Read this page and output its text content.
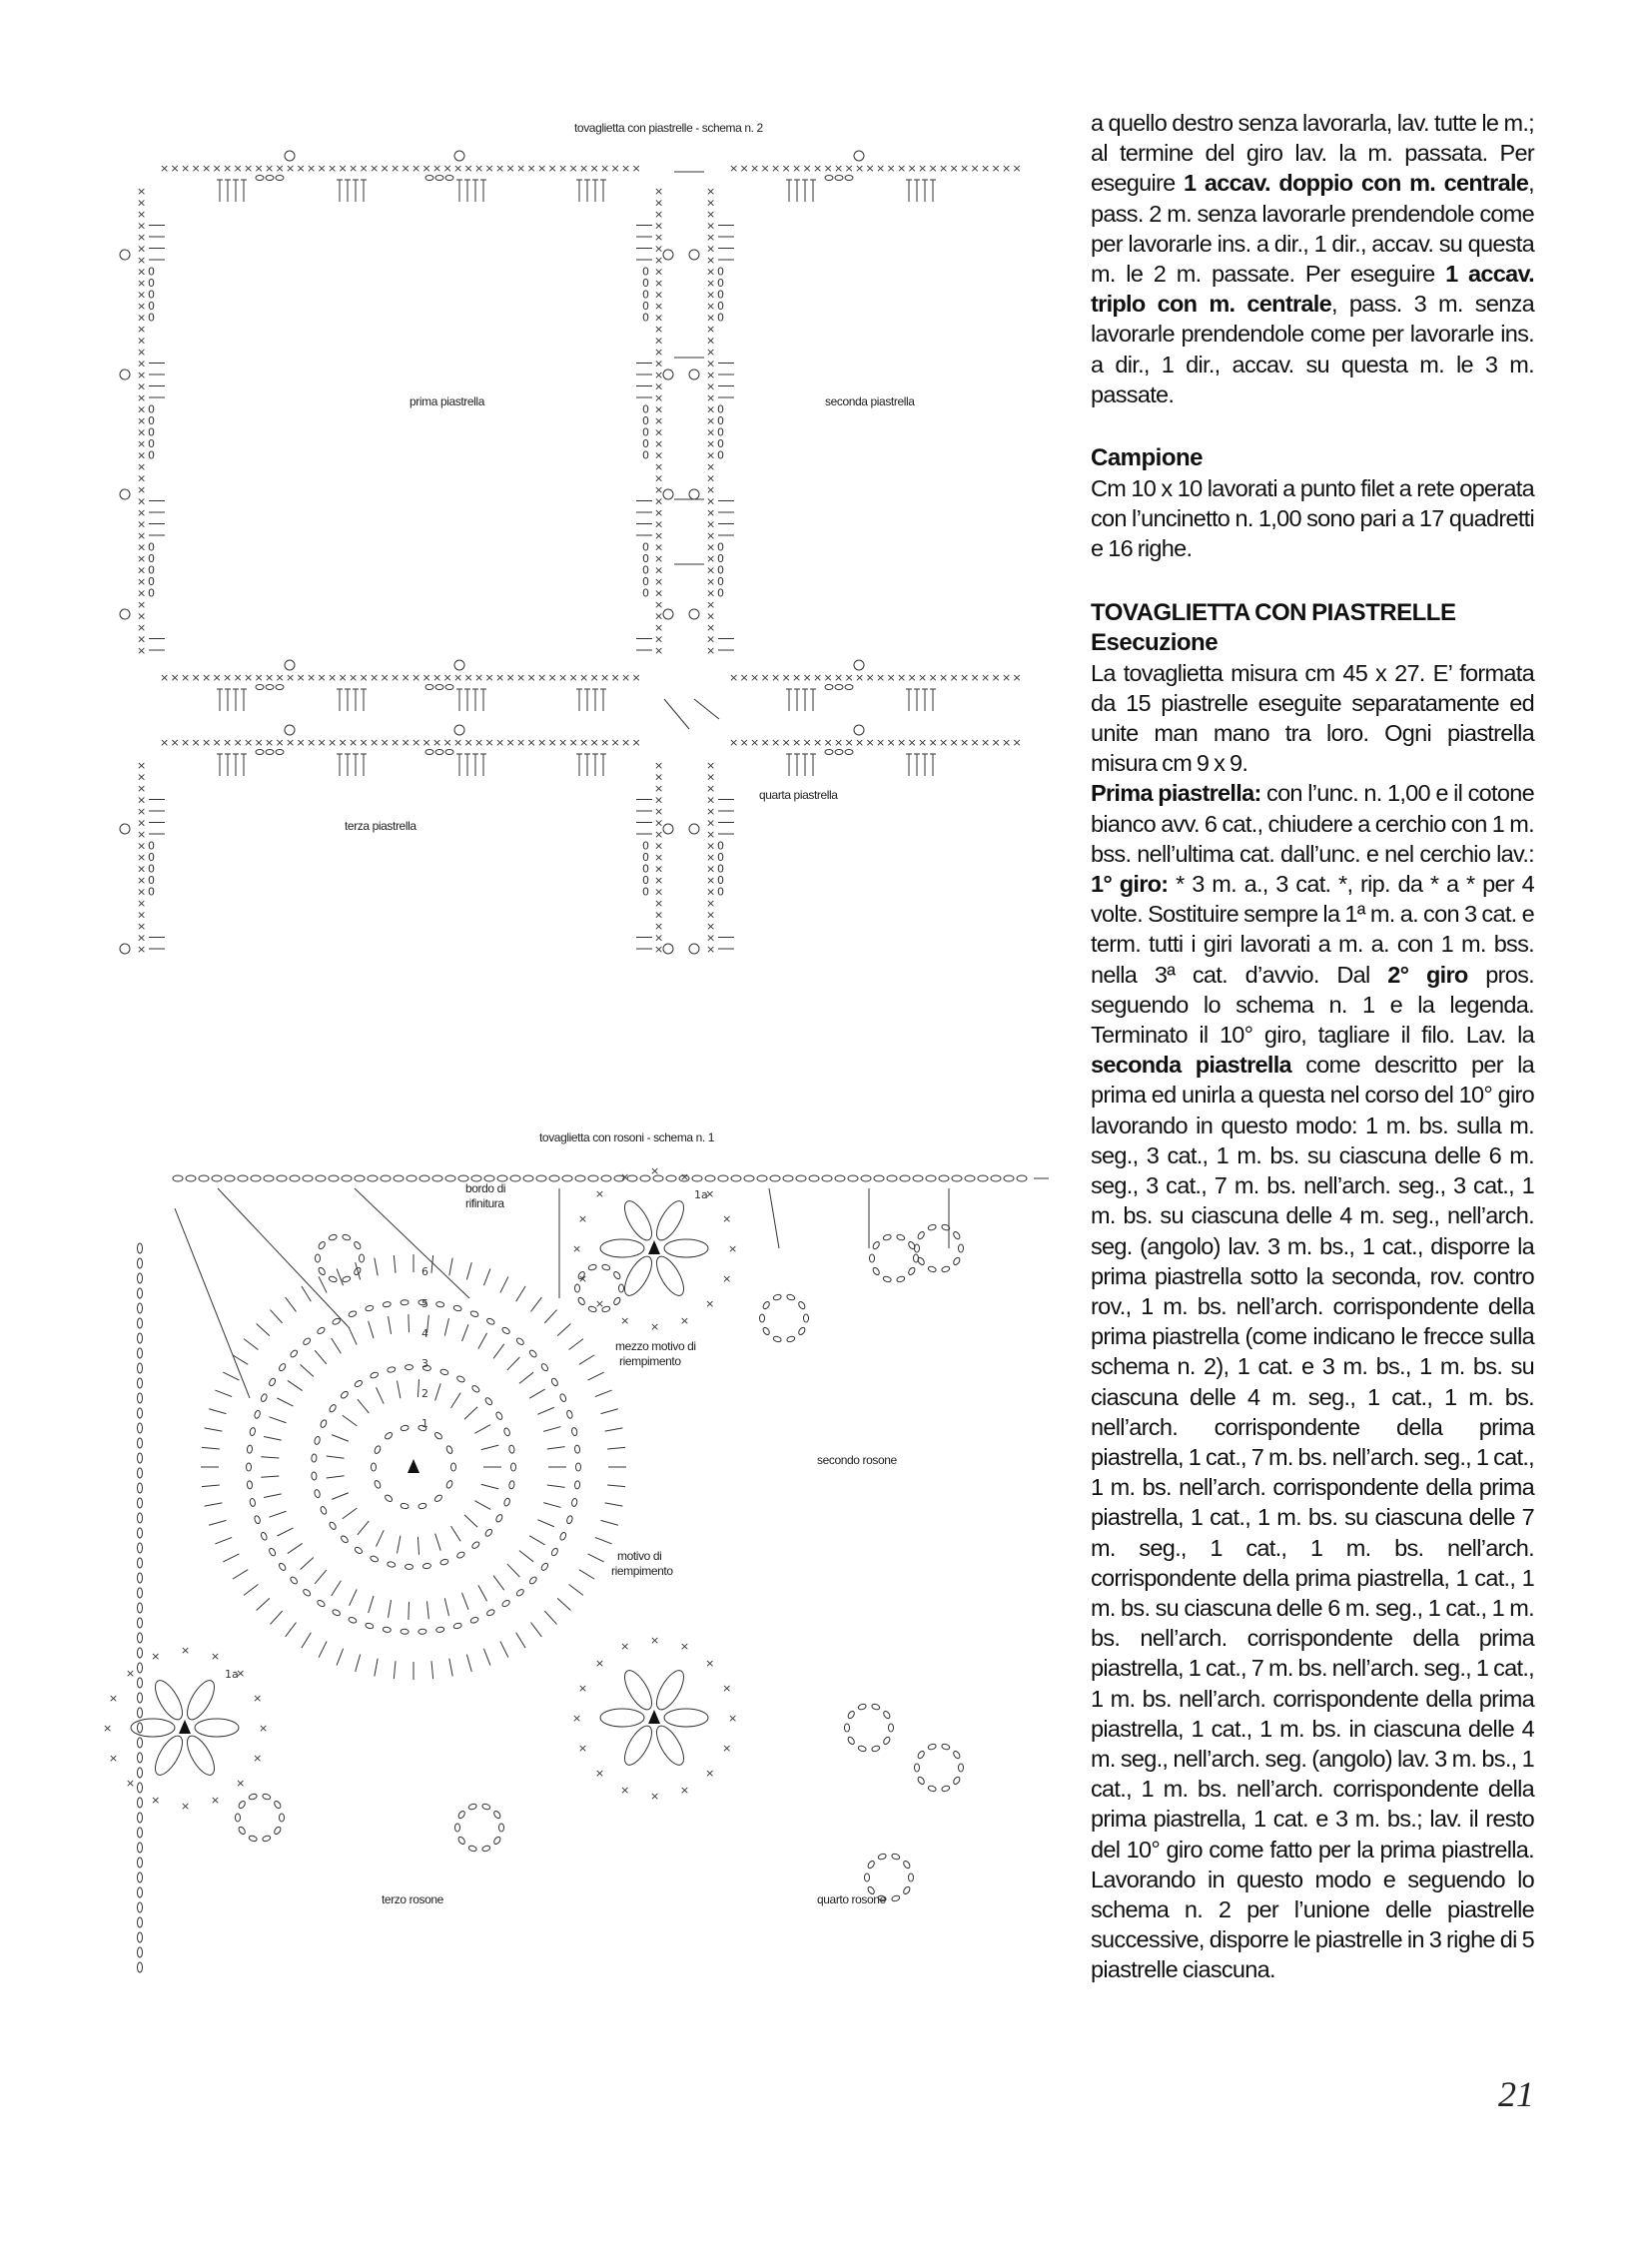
tovaglietta con piastrelle - schema n. 2
× × × × × × × × × × × × × × × × × × × × × × × × × × × × × × × × × × × × × × × × × × × × × ×	× × × × × × × × × × × × × × × × × × × × × × × × × × × ×
×
×
×
×
×
×
×
× 0
× 0
× 0
× 0
× 0
×
×
×
×
×
×
×
× 0
× 0
× 0
× 0
× 0
×
×
×
×
×
×
×
× 0
× 0
× 0
× 0
× 0
×
×
×
×
×
×
×
×
×
×
×
×
×
0
×
0
×
0
×
0
×
0
×
×
×
×
×
×
×
×
0
×
0
×
0
×
0
×
0
×
×
×
×
×
×
×
×
0
×
0
×
0
×
0
×
0
×
×
×
×
×
×
×
×
×
×
×
×
× 0
× 0
× 0
× 0
× 0
×
×
×
×
×
×
×
× 0
× 0
× 0
× 0
× 0
×
×
×
×
×
×
×
× 0
× 0
× 0
× 0
× 0
×
×
×
×
×
× × × × × × × × × × × × × × × × × × × × × × × × × × × × × × × × × × × × × × × × × × × × × ×	× × × × × × × × × × × × × × × × × × × × × × × × × × × ×
× × × × × × × × × × × × × × × × × × × × × × × × × × × × × × × × × × × × × × × × × × × × × ×	× × × × × × × × × × × × × × × × × × × × × × × × × × × ×
×
×
×
×
×
×
×
× 0
× 0
× 0
× 0
× 0
×
×
×
×
×
×
×
×
×
×
×
×
×
0
×
0
×
0
×
0
×
0
×
×
×
×
×
×
×
×
×
×
×
×
× 0
× 0
× 0
× 0
× 0
×
×
×
×
×
prima piastrella	seconda piastrella
terza piastrella
quarta piastrella
tovaglietta con rosoni - schema n. 1
1
2
3
4
5
6
×
×
×
×
×
×
×
×
×
×
×
× × ×
×
×
1a
×
×
×
×
×
×
×
×
×
×
×
× × ×
×
×
×
×
×
×
×
×
×
×
×
×
×
× × ×
×
×
1a
bordo di rifinitura
mezzo motivo di riempimento
secondo rosone
motivo di riempimento
terzo rosone	quarto rosone

a quello destro senza lavorarla, lav. tutte le m.; al termine del giro lav. la m. passata. Per eseguire 1 accav. doppio con m. centrale, pass. 2 m. senza lavorarle prendendole come per lavorarle ins. a dir., 1 dir., accav. su questa m. le 2 m. passate. Per eseguire 1 accav. triplo con m. centrale, pass. 3 m. senza lavorarle prendendole come per lavorarle ins. a dir., 1 dir., accav. su questa m. le 3 m. passate.

Campione

Cm 10 x 10 lavorati a punto filet a rete operata con l’uncinetto n. 1,00 sono pari a 17 quadretti e 16 righe.

TOVAGLIETTA CON PIASTRELLE
Esecuzione

La tovaglietta misura cm 45 x 27. E’ formata da 15 piastrelle eseguite separatamente ed unite man mano tra loro. Ogni piastrella misura cm 9 x 9.

Prima piastrella: con l’unc. n. 1,00 e il cotone bianco avv. 6 cat., chiudere a cerchio con 1 m. bss. nell’ultima cat. dall’unc. e nel cerchio lav.: 1° giro: * 3 m. a., 3 cat. *, rip. da * a * per 4 volte. Sostituire sempre la 1ª m. a. con 3 cat. e term. tutti i giri lavorati a m. a. con 1 m. bss. nella 3ª cat. d’avvio. Dal 2° giro pros. seguendo lo schema n. 1 e la legenda. Terminato il 10° giro, tagliare il filo. Lav. la seconda piastrella come descritto per la prima ed unirla a questa nel corso del 10° giro lavorando in questo modo: 1 m. bs. sulla m. seg., 3 cat., 1 m. bs. su ciascuna delle 6 m. seg., 3 cat., 7 m. bs. nell’arch. seg., 3 cat., 1 m. bs. su ciascuna delle 4 m. seg., nell’arch. seg. (angolo) lav. 3 m. bs., 1 cat., disporre la prima piastrella sotto la seconda, rov. contro rov., 1 m. bs. nell’arch. corrispondente della prima piastrella (come indicano le frecce sulla schema n. 2), 1 cat. e 3 m. bs., 1 m. bs. su ciascuna delle 4 m. seg., 1 cat., 1 m. bs. nell’arch. corrispondente della prima piastrella, 1 cat., 7 m. bs. nell’arch. seg., 1 cat., 1 m. bs. nell’arch. corrispondente della prima piastrella, 1 cat., 1 m. bs. su ciascuna delle 7 m. seg., 1 cat., 1 m. bs. nell’arch. corrispondente della prima piastrella, 1 cat., 1 m. bs. su ciascuna delle 6 m. seg., 1 cat., 1 m. bs. nell’arch. corrispondente della prima piastrella, 1 cat., 7 m. bs. nell’arch. seg., 1 cat., 1 m. bs. nell’arch. corrispondente della prima piastrella, 1 cat., 1 m. bs. in ciascuna delle 4 m. seg., nell’arch. seg. (angolo) lav. 3 m. bs., 1 cat., 1 m. bs. nell’arch. corrispondente della prima piastrella, 1 cat. e 3 m. bs.; lav. il resto del 10° giro come fatto per la prima piastrella. Lavorando in questo modo e seguendo lo schema n. 2 per l’unione delle piastrelle successive, disporre le piastrelle in 3 righe di 5 piastrelle ciascuna.

21
